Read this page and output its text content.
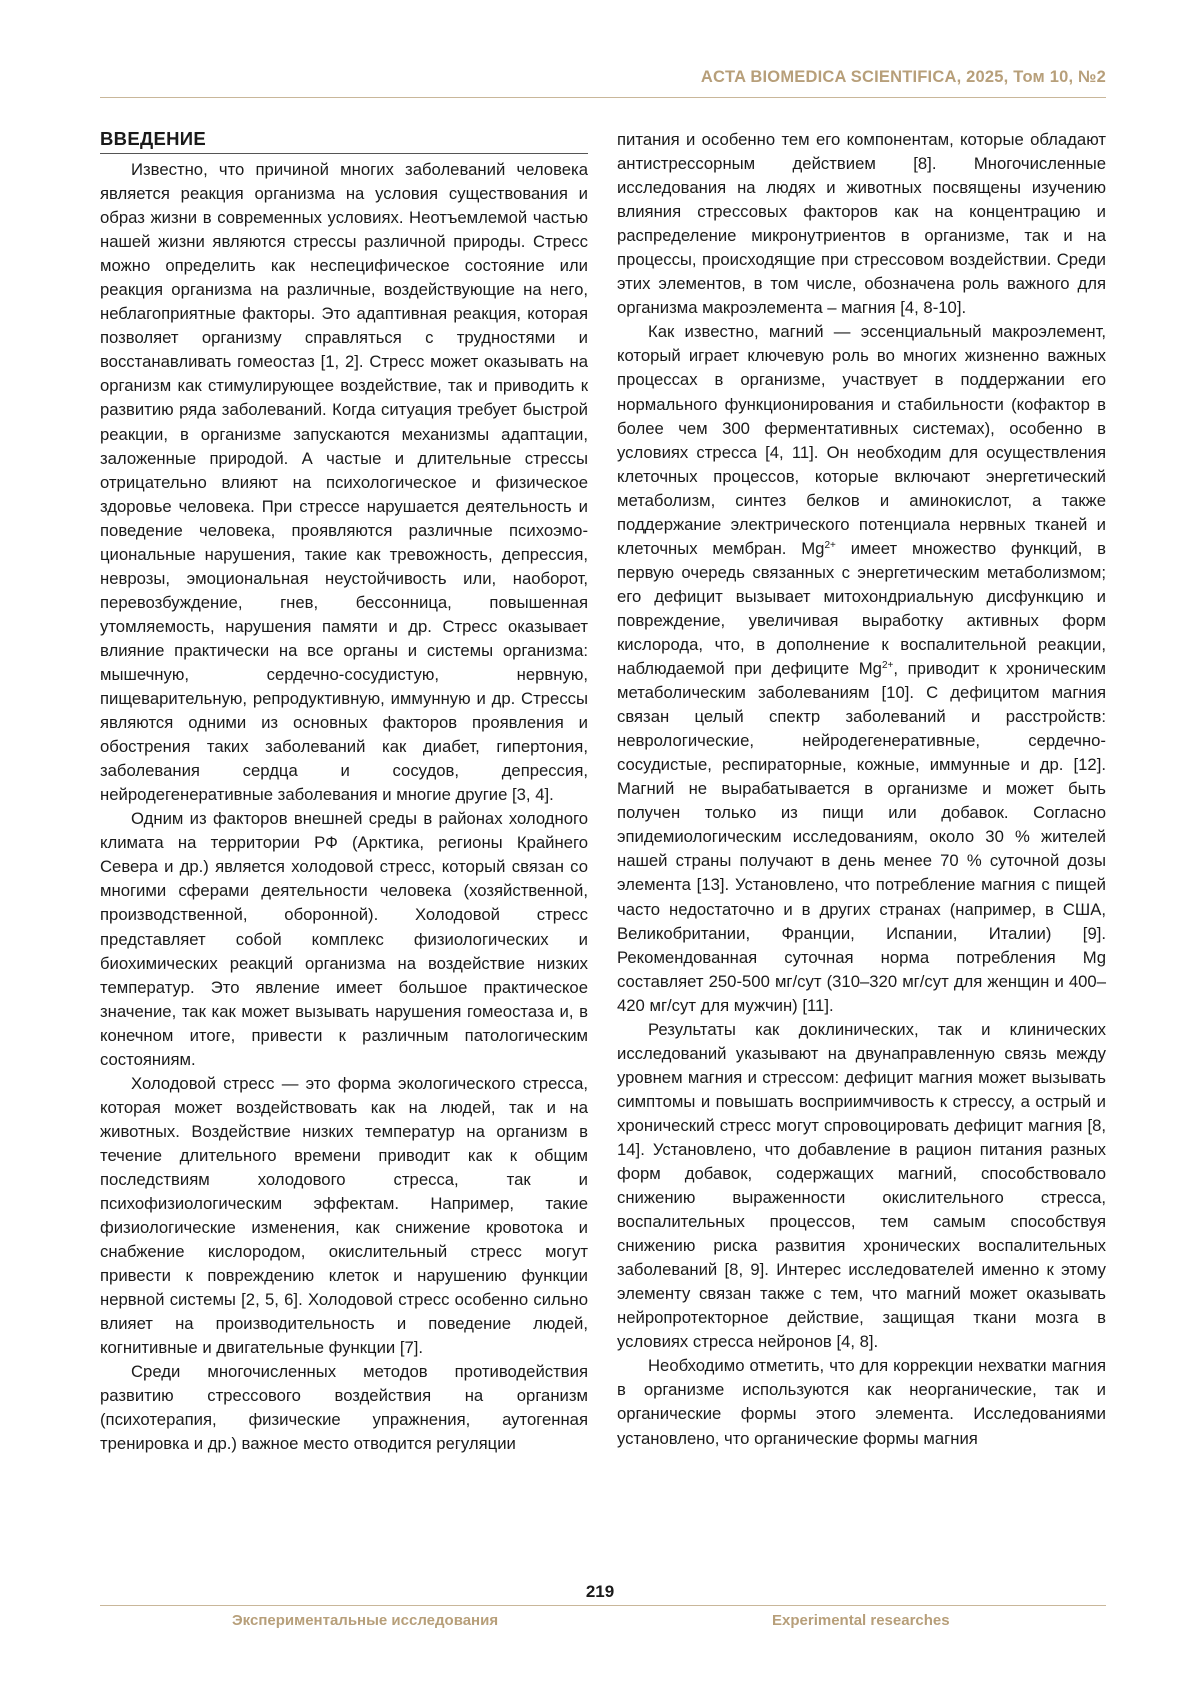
ACTA BIOMEDICA SCIENTIFICA, 2025, Том 10, №2
ВВЕДЕНИЕ

Известно, что причиной многих заболеваний человека является реакция организма на условия существования и образ жизни в современных условиях. Неотъемлемой частью нашей жизни являются стрессы различной природы. Стресс можно определить как неспецифическое состояние или реакция организма на различные, воздействующие на него, неблагоприятные факторы. Это адаптивная реакция, которая позволяет организму справляться с трудностями и восстанавливать гомеостаз [1, 2]. Стресс может оказывать на организм как стимулирующее воздействие, так и приводить к развитию ряда заболеваний. Когда ситуация требует быстрой реакции, в организме запускаются механизмы адаптации, заложенные природой. А частые и длительные стрессы отрицательно влияют на психологическое и физическое здоровье человека. При стрессе нарушается деятельность и поведение человека, проявляются различные психоэмоциональные нарушения, такие как тревожность, депрессия, неврозы, эмоциональная неустойчивость или, наоборот, перевозбуждение, гнев, бессонница, повышенная утомляемость, нарушения памяти и др. Стресс оказывает влияние практически на все органы и системы организма: мышечную, сердечно-сосудистую, нервную, пищеварительную, репродуктивную, иммунную и др. Стрессы являются одними из основных факторов проявления и обострения таких заболеваний как диабет, гипертония, заболевания сердца и сосудов, депрессия, нейродегенеративные заболевания и многие другие [3, 4].

Одним из факторов внешней среды в районах холодного климата на территории РФ (Арктика, регионы Крайнего Севера и др.) является холодовой стресс, который связан со многими сферами деятельности человека (хозяйственной, производственной, оборонной). Холодовой стресс представляет собой комплекс физиологических и биохимических реакций организма на воздействие низких температур. Это явление имеет большое практическое значение, так как может вызывать нарушения гомеостаза и, в конечном итоге, привести к различным патологическим состояниям.

Холодовой стресс — это форма экологического стресса, которая может воздействовать как на людей, так и на животных. Воздействие низких температур на организм в течение длительного времени приводит как к общим последствиям холодового стресса, так и психофизиологическим эффектам. Например, такие физиологические изменения, как снижение кровотока и снабжение кислородом, окислительный стресс могут привести к повреждению клеток и нарушению функции нервной системы [2, 5, 6]. Холодовой стресс особенно сильно влияет на производительность и поведение людей, когнитивные и двигательные функции [7].

Среди многочисленных методов противодействия развитию стрессового воздействия на организм (психотерапия, физические упражнения, аутогенная тренировка и др.) важное место отводится регуляции

питания и особенно тем его компонентам, которые обладают антистрессорным действием [8]. Многочисленные исследования на людях и животных посвящены изучению влияния стрессовых факторов как на концентрацию и распределение микронутриентов в организме, так и на процессы, происходящие при стрессовом воздействии. Среди этих элементов, в том числе, обозначена роль важного для организма макроэлемента – магния [4, 8-10].

Как известно, магний — эссенциальный макроэлемент, который играет ключевую роль во многих жизненно важных процессах в организме, участвует в поддержании его нормального функционирования и стабильности (кофактор в более чем 300 ферментативных системах), особенно в условиях стресса [4, 11]. Он необходим для осуществления клеточных процессов, которые включают энергетический метаболизм, синтез белков и аминокислот, а также поддержание электрического потенциала нервных тканей и клеточных мембран. $Mg^{2+}$ имеет множество функций, в первую очередь связанных с энергетическим метаболизмом; его дефицит вызывает митохондриальную дисфункцию и повреждение, увеличивая выработку активных форм кислорода, что, в дополнение к воспалительной реакции, наблюдаемой при дефиците $Mg^{2+}$, приводит к хроническим метаболическим заболеваниям [10]. С дефицитом магния связан целый спектр заболеваний и расстройств: неврологические, нейродегенеративные, сердечно-сосудистые, респираторные, кожные, иммунные и др. [12]. Магний не вырабатывается в организме и может быть получен только из пищи или добавок. Согласно эпидемиологическим исследованиям, около 30 % жителей нашей страны получают в день менее 70 % суточной дозы элемента [13]. Установлено, что потребление магния с пищей часто недостаточно и в других странах (например, в США, Великобритании, Франции, Испании, Италии) [9]. Рекомендованная суточная норма потребления Mg составляет 250-500 мг/сут (310–320 мг/сут для женщин и 400–420 мг/сут для мужчин) [11].

Результаты как доклинических, так и клинических исследований указывают на двунаправленную связь между уровнем магния и стрессом: дефицит магния может вызывать симптомы и повышать восприимчивость к стрессу, а острый и хронический стресс могут спровоцировать дефицит магния [8, 14]. Установлено, что добавление в рацион питания разных форм добавок, содержащих магний, способствовало снижению выраженности окислительного стресса, воспалительных процессов, тем самым способствуя снижению риска развития хронических воспалительных заболеваний [8, 9]. Интерес исследователей именно к этому элементу связан также с тем, что магний может оказывать нейропротекторное действие, защищая ткани мозга в условиях стресса нейронов [4, 8].

Необходимо отметить, что для коррекции нехватки магния в организме используются как неорганические, так и органические формы этого элемента. Исследованиями установлено, что органические формы магния

219
Экспериментальные исследования	Experimental researches
